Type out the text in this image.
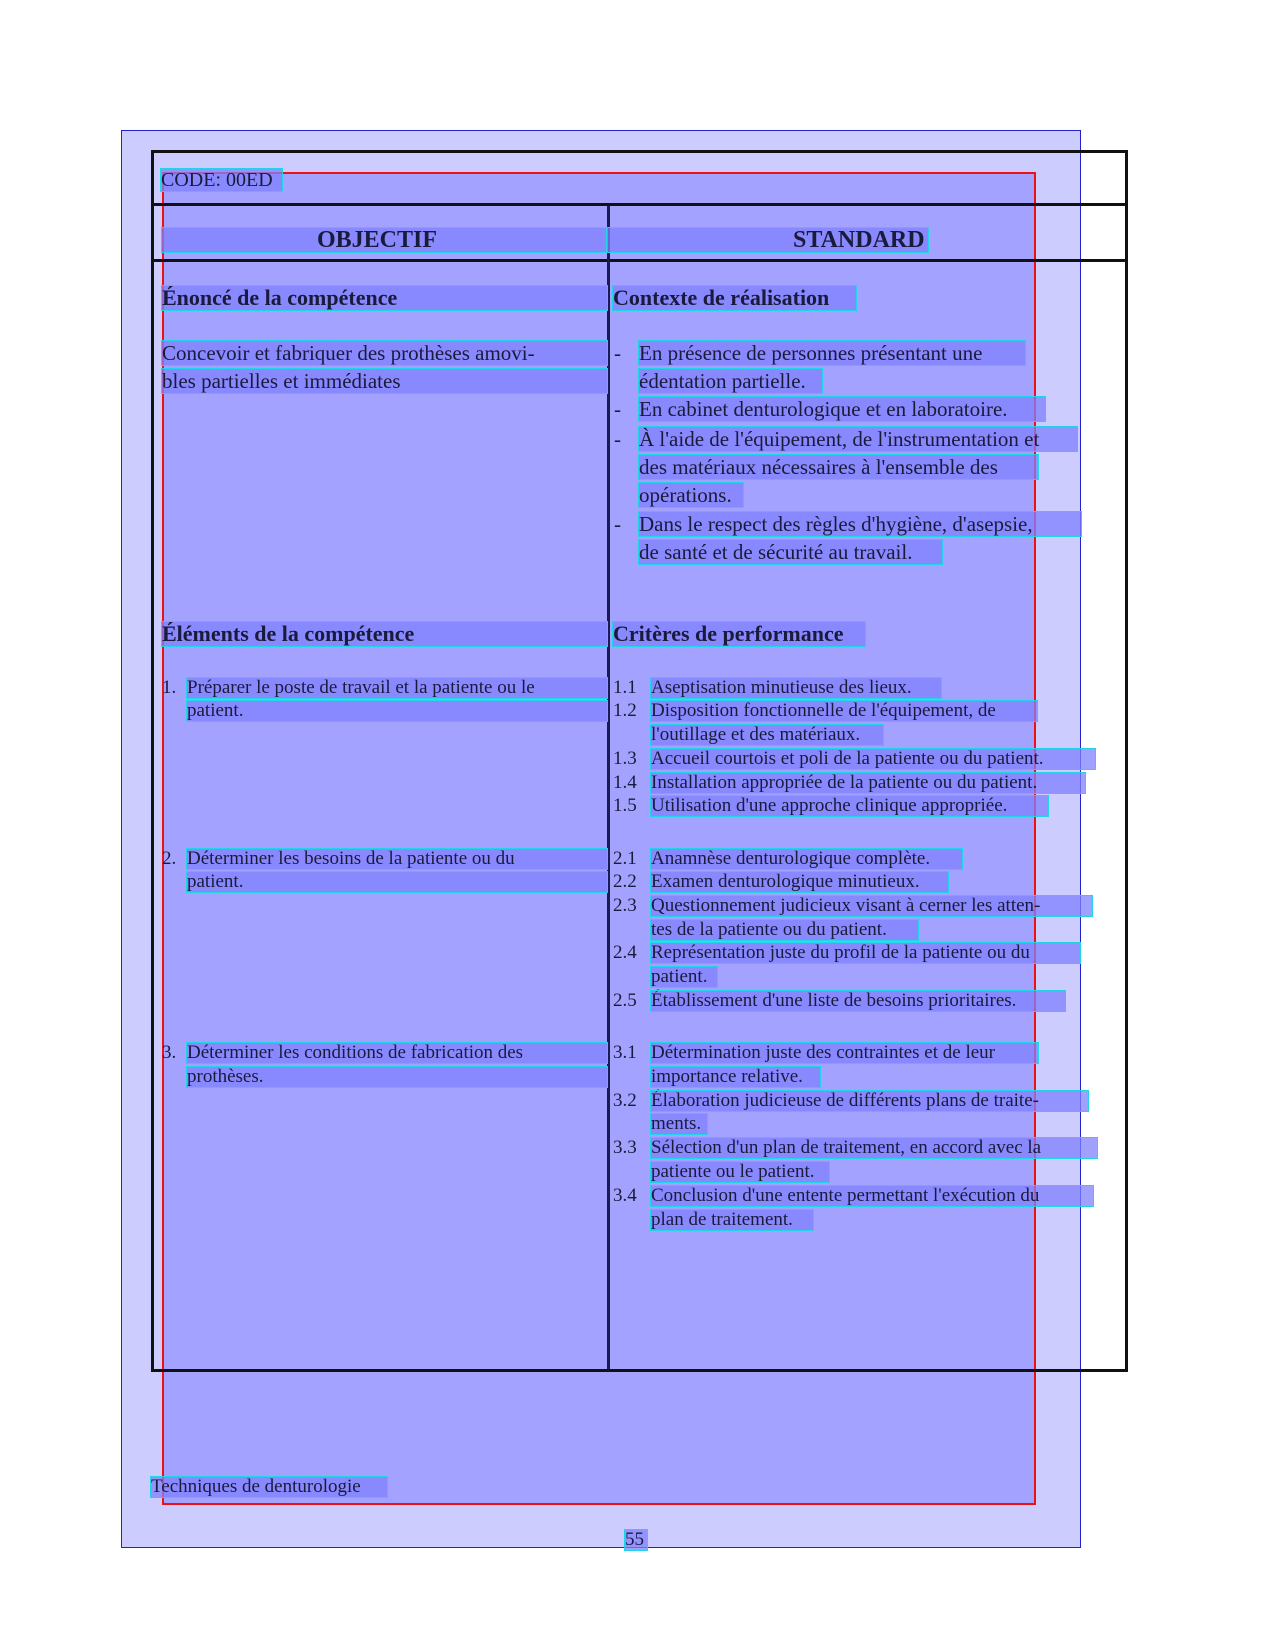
CODE: 00ED
OBJECTIF	STANDARD
Énoncé de la compétence
Concevoir et fabriquer des prothèses amovi-
bles partielles et immédiates
Contexte de réalisation
- En présence de personnes présentant une
édentation partielle.
- En cabinet denturologique et en laboratoire.
- À l'aide de l'équipement, de l'instrumentation et
des matériaux nécessaires à l'ensemble des
opérations.
- Dans le respect des règles d'hygiène, d'asepsie,
de santé et de sécurité au travail.
Éléments de la compétence	Critères de performance
1. Préparer le poste de travail et la patiente ou le
patient.
2. Déterminer les besoins de la patiente ou du
patient.
3. Déterminer les conditions de fabrication des
prothèses.
1.1 Aseptisation minutieuse des lieux.
1.2 Disposition fonctionnelle de l'équipement, de
l'outillage et des matériaux.
1.3 Accueil courtois et poli de la patiente ou du patient.
1.4 Installation appropriée de la patiente ou du patient.
1.5 Utilisation d'une approche clinique appropriée.
2.1 Anamnèse denturologique complète.
2.2 Examen denturologique minutieux.
2.3 Questionnement judicieux visant à cerner les atten-
tes de la patiente ou du patient.
2.4 Représentation juste du profil de la patiente ou du
patient.
2.5 Établissement d'une liste de besoins prioritaires.
3.1 Détermination juste des contraintes et de leur
importance relative.
3.2 Élaboration judicieuse de différents plans de traite-
ments.
3.3 Sélection d'un plan de traitement, en accord avec la
patiente ou le patient.
3.4 Conclusion d'une entente permettant l'exécution du
plan de traitement.
Techniques de denturologie
55
